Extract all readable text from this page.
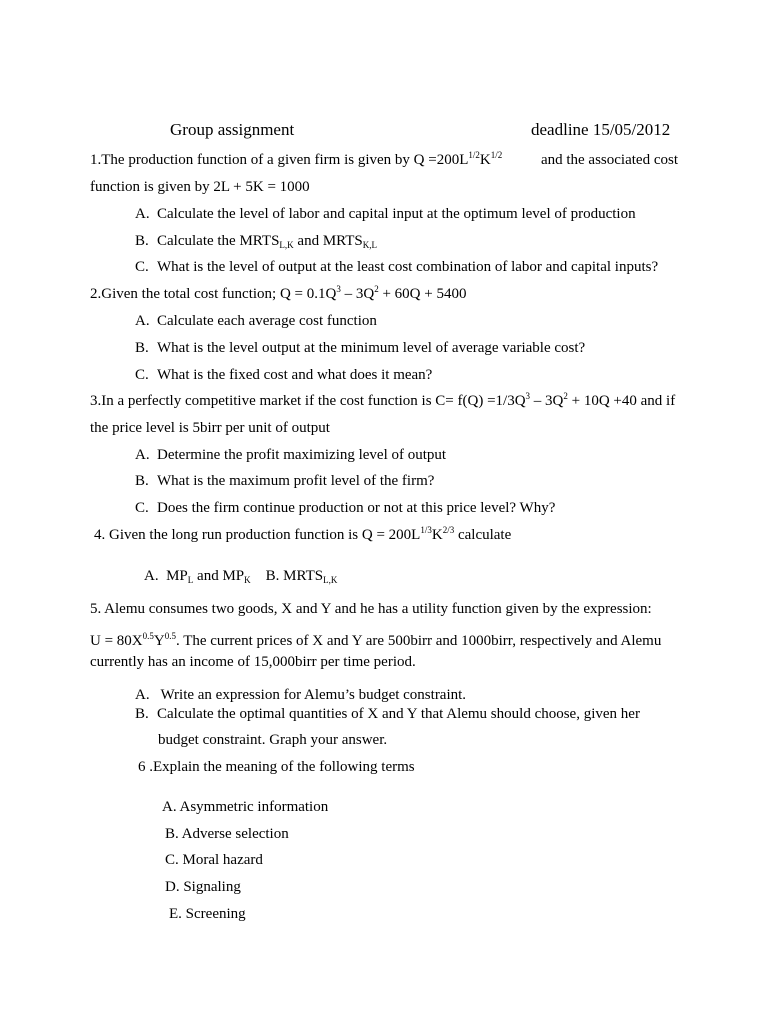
Group assignment	deadline 15/05/2012
1.The production function of a given firm is given by $Q =200L^{1/2}K^{1/2}$	and the associated cost
function is given by 2L + 5K = 1000
A. Calculate the level of labor and capital input at the optimum level of production
B. Calculate the $MRTS_{L,K}$ and $MRTS_{K,L}$
C. What is the level of output at the least cost combination of labor and capital inputs?
2.Given the total cost function; $Q = 0.1Q^3 - 3Q^2 + 60Q + 5400$
A. Calculate each average cost function
B. What is the level output at the minimum level of average variable cost?
C. What is the fixed cost and what does it mean?
3.In a perfectly competitive market if the cost function is $C= f(Q) =1/3Q^3 - 3Q^2 + 10Q +40$ and if
the price level is 5birr per unit of output
A. Determine the profit maximizing level of output
B. What is the maximum profit level of the firm?
C. Does the firm continue production or not at this price level? Why?
4. Given the long run production function is $Q = 200L^{1/3}K^{2/3}$ calculate
A. $MP_L$ and $MP_K$ B. $MRTS_{L,K}$
5. Alemu consumes two goods, X and Y and he has a utility function given by the expression:
$U = 80X^{0.5}Y^{0.5}$. The current prices of X and Y are 500birr and 1000birr, respectively and Alemu
currently has an income of 15,000birr per time period.
A. Write an expression for Alemu’s budget constraint.
B. Calculate the optimal quantities of X and Y that Alemu should choose, given her
budget constraint. Graph your answer.
6 .Explain the meaning of the following terms
A. Asymmetric information
B. Adverse selection
C. Moral hazard
D. Signaling
E. Screening
